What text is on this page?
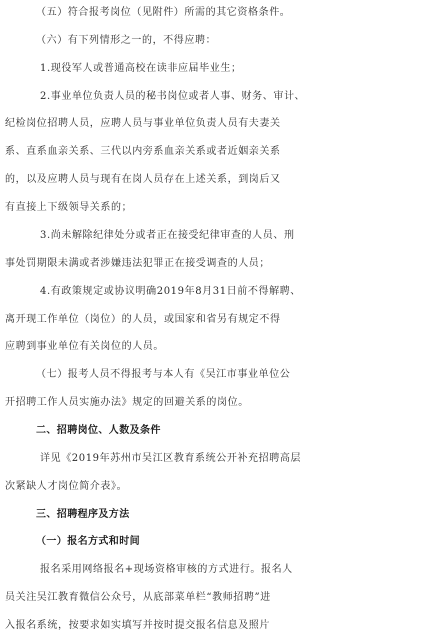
（五）符合报考岗位（见附件）所需的其它资格条件。
（六）有下列情形之一的，不得应聘：
1.现役军人或普通高校在读非应届毕业生；
2.事业单位负责人员的秘书岗位或者人事、财务、审计、
纪检岗位招聘人员，应聘人员与事业单位负责人员有夫妻关
系、直系血亲关系、三代以内旁系血亲关系或者近姻亲关系
的，以及应聘人员与现有在岗人员存在上述关系，到岗后又
有直接上下级领导关系的；
3.尚未解除纪律处分或者正在接受纪律审查的人员、刑
事处罚期限未满或者涉嫌违法犯罪正在接受调查的人员；
4.有政策规定或协议明确2019年8月31日前不得解聘、
离开现工作单位（岗位）的人员，或国家和省另有规定不得
应聘到事业单位有关岗位的人员。
（七）报考人员不得报考与本人有《吴江市事业单位公
开招聘工作人员实施办法》规定的回避关系的岗位。
二、招聘岗位、人数及条件
详见《2019年苏州市吴江区教育系统公开补充招聘高层
次紧缺人才岗位简介表》。
三、招聘程序及方法
（一）报名方式和时间
报名采用网络报名+现场资格审核的方式进行。报名人
员关注吴江教育微信公众号，从底部菜单栏“教师招聘”进
入报名系统，按要求如实填写并按时提交报名信息及照片
